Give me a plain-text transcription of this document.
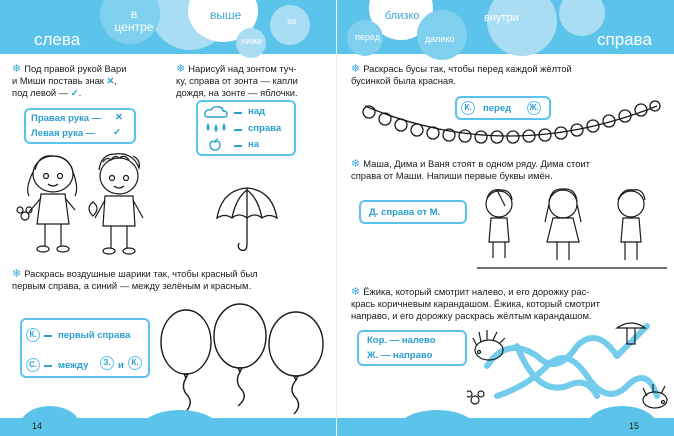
слева
в центре
выше	за
ниже
❄ Под правой рукой Вари
и Миши поставь знак ✕,
под левой — ✓.
Правая рука — ✕
Левая рука — ✓
❄ Нарисуй над зонтом туч-
ку, справа от зонта — капли
дождя, на зонте — яблочки.
над
справа
на
❄ Раскрась воздушные шарики так, чтобы красный был
первым справа, а синий — между зелёным и красным.
К.	первый справа
С.	между	З. и К.
14
близко	внутри
перед	далеко	справа
❄ Раскрась бусы так, чтобы перед каждой жёлтой
бусинкой была красная.
К.	перед Ж.
❄ Маша, Дима и Ваня стоят в одном ряду. Дима стоит
справа от Маши. Напиши первые буквы имён.
Д. справа от М.
❄ Ёжика, который смотрит налево, и его дорожку рас-
крась коричневым карандашом. Ёжика, который смотрит
направо, и его дорожку раскрась жёлтым карандашом.
Кор. — налево
Ж. — направо
15
